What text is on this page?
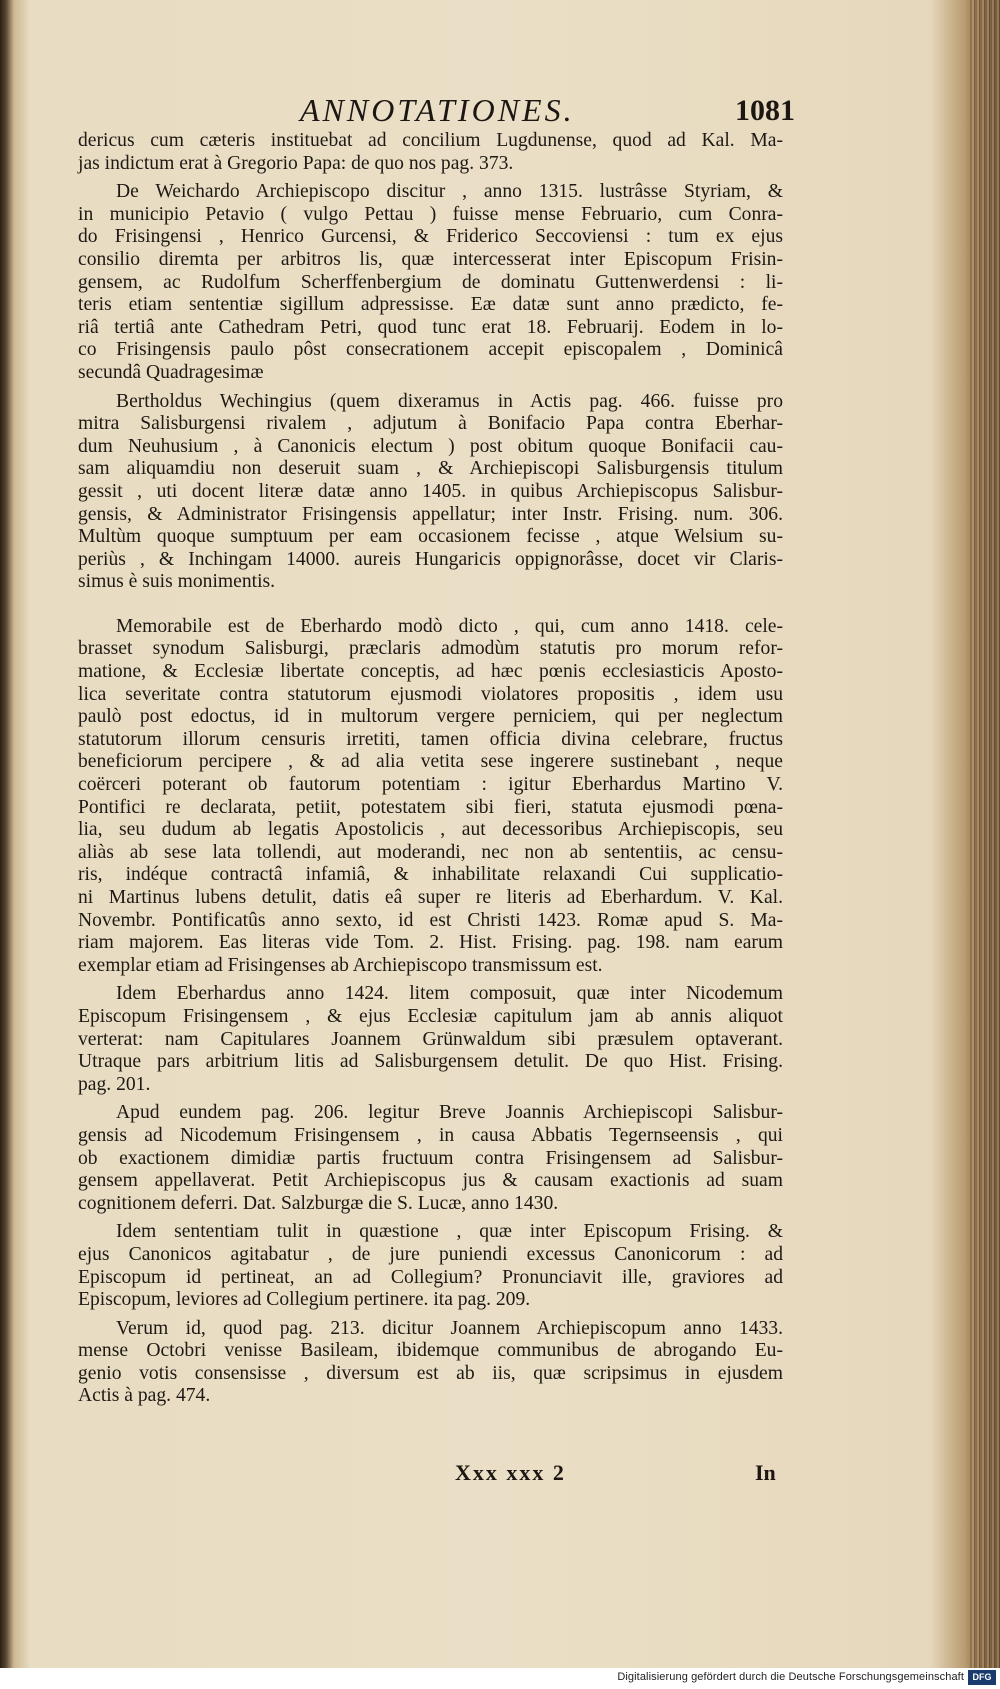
ANNOTATIONES.	1081
dericus cum cæteris instituebat ad concilium Lugdunense, quod ad Kal. Ma-
jas indictum erat à Gregorio Papa: de quo nos pag. 373.
De Weichardo Archiepiscopo discitur , anno 1315. lustrâsse Styriam, &
in municipio Petavio ( vulgo Pettau ) fuisse mense Februario, cum Conra-
do Frisingensi , Henrico Gurcensi, & Friderico Seccoviensi : tum ex ejus
consilio diremta per arbitros lis, quæ intercesserat inter Episcopum Frisin-
gensem, ac Rudolfum Scherffenbergium de dominatu Guttenwerdensi : li-
teris etiam sententiæ sigillum adpressisse. Eæ datæ sunt anno prædicto, fe-
riâ tertiâ ante Cathedram Petri, quod tunc erat 18. Februarij. Eodem in lo-
co Frisingensis paulo pôst consecrationem accepit episcopalem , Dominicâ
secundâ Quadragesimæ
Bertholdus Wechingius (quem dixeramus in Actis pag. 466. fuisse pro
mitra Salisburgensi rivalem , adjutum à Bonifacio Papa contra Eberhar-
dum Neuhusium , à Canonicis electum ) post obitum quoque Bonifacii cau-
sam aliquamdiu non deseruit suam , & Archiepiscopi Salisburgensis titulum
gessit , uti docent literæ datæ anno 1405. in quibus Archiepiscopus Salisbur-
gensis, & Administrator Frisingensis appellatur; inter Instr. Frising. num. 306.
Multùm quoque sumptuum per eam occasionem fecisse , atque Welsium su-
periùs , & Inchingam 14000. aureis Hungaricis oppignorâsse, docet vir Claris-
simus è suis monimentis.
Memorabile est de Eberhardo modò dicto , qui, cum anno 1418. cele-
brasset synodum Salisburgi, præclaris admodùm statutis pro morum refor-
matione, & Ecclesiæ libertate conceptis, ad hæc pœnis ecclesiasticis Aposto-
lica severitate contra statutorum ejusmodi violatores propositis , idem usu
paulò post edoctus, id in multorum vergere perniciem, qui per neglectum
statutorum illorum censuris irretiti, tamen officia divina celebrare, fructus
beneficiorum percipere , & ad alia vetita sese ingerere sustinebant , neque
coërceri poterant ob fautorum potentiam : igitur Eberhardus Martino V.
Pontifici re declarata, petiit, potestatem sibi fieri, statuta ejusmodi pœna-
lia, seu dudum ab legatis Apostolicis , aut decessoribus Archiepiscopis, seu
aliàs ab sese lata tollendi, aut moderandi, nec non ab sententiis, ac censu-
ris, indéque contractâ infamiâ, & inhabilitate relaxandi Cui supplicatio-
ni Martinus lubens detulit, datis eâ super re literis ad Eberhardum. V. Kal.
Novembr. Pontificatûs anno sexto, id est Christi 1423. Romæ apud S. Ma-
riam majorem. Eas literas vide Tom. 2. Hist. Frising. pag. 198. nam earum
exemplar etiam ad Frisingenses ab Archiepiscopo transmissum est.
Idem Eberhardus anno 1424. litem composuit, quæ inter Nicodemum
Episcopum Frisingensem , & ejus Ecclesiæ capitulum jam ab annis aliquot
verterat: nam Capitulares Joannem Grünwaldum sibi præsulem optaverant.
Utraque pars arbitrium litis ad Salisburgensem detulit. De quo Hist. Frising.
pag. 201.
Apud eundem pag. 206. legitur Breve Joannis Archiepiscopi Salisbur-
gensis ad Nicodemum Frisingensem , in causa Abbatis Tegernseensis , qui
ob exactionem dimidiæ partis fructuum contra Frisingensem ad Salisbur-
gensem appellaverat. Petit Archiepiscopus jus & causam exactionis ad suam
cognitionem deferri. Dat. Salzburgæ die S. Lucæ, anno 1430.
Idem sententiam tulit in quæstione , quæ inter Episcopum Frising. &
ejus Canonicos agitabatur , de jure puniendi excessus Canonicorum : ad
Episcopum id pertineat, an ad Collegium? Pronunciavit ille, graviores ad
Episcopum, leviores ad Collegium pertinere. ita pag. 209.
Verum id, quod pag. 213. dicitur Joannem Archiepiscopum anno 1433.
mense Octobri venisse Basileam, ibidemque communibus de abrogando Eu-
genio votis consensisse , diversum est ab iis, quæ scripsimus in ejusdem
Actis à pag. 474.
Xxx xxx 2	In
Digitalisierung gefördert durch die Deutsche Forschungsgemeinschaft DFG
